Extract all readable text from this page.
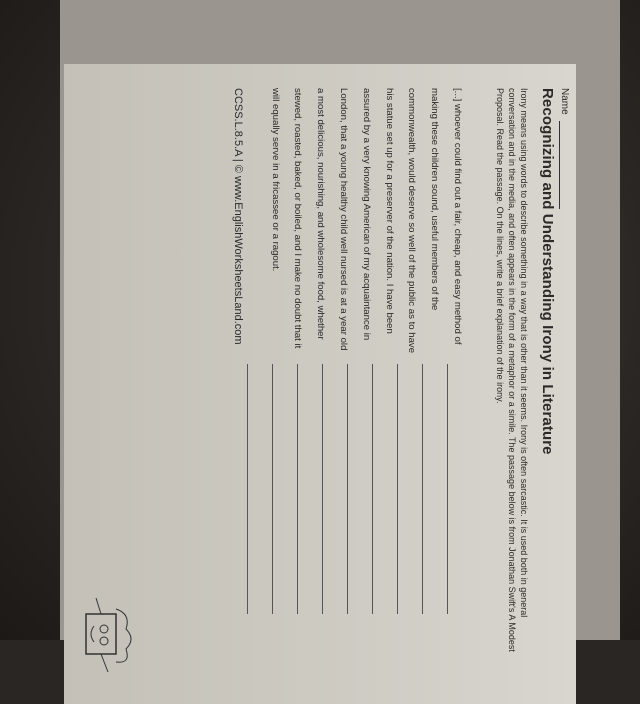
Name
Recognizing and Understanding Irony in Literature
Irony means using words to describe something in a way that is other than it seems. Irony is often sarcastic. It is used both in general conversation and in the media, and often appears in the form of a metaphor or a simile. The passage below is from Jonathan Swift's A Modest Proposal. Read the passage. On the lines, write a brief explanation of the irony.
[...] whoever could find out a fair, cheap, and easy method of making these children sound, useful members of the commonwealth, would deserve so well of the public as to have his statue set up for a preserver of the nation. I have been assured by a very knowing American of my acquaintance in London, that a young healthy child well nursed is at a year old a most delicious, nourishing, and wholesome food, whether stewed, roasted, baked, or boiled, and I make no doubt that it will equally serve in a fricassee or a ragout.
CCSS.L.8.5.A | © www.EnglishWorksheetsLand.com
